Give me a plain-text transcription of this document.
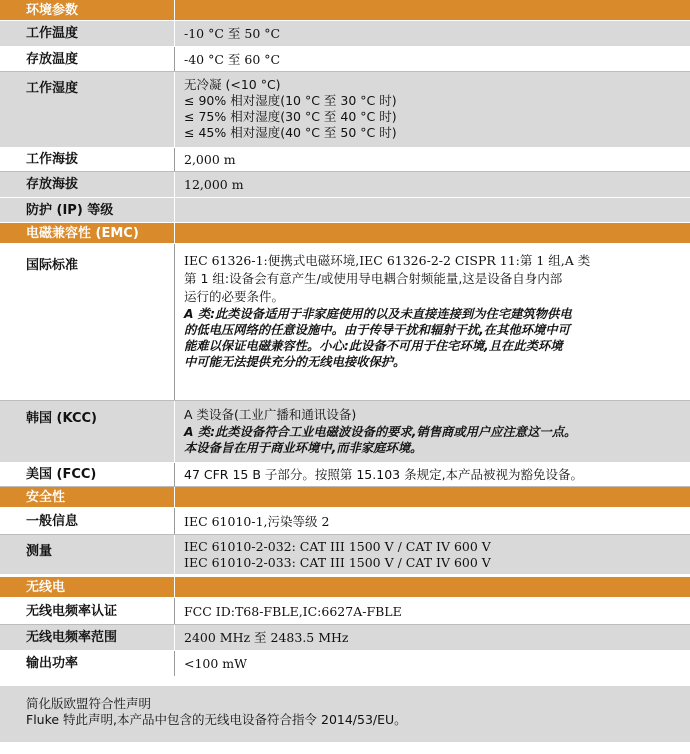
环境参数
工作温度	-10 °C 至 50 °C
存放温度	-40 °C 至 60 °C
工作湿度	无冷凝 (<10 °C)
≤ 90% 相对湿度(10 °C 至 30 °C 时)
≤ 75% 相对湿度(30 °C 至 40 °C 时)
≤ 45% 相对湿度(40 °C 至 50 °C 时)
工作海拔	2,000 m
存放海拔	12,000 m
防护 (IP) 等级
电磁兼容性 (EMC)
国际标准	IEC 61326-1:便携式电磁环境,IEC 61326-2-2 CISPR 11:第 1 组,A 类
第 1 组:设备会有意产生/或使用导电耦合射频能量,这是设备自身内部
运行的必要条件。
A 类:此类设备适用于非家庭使用的以及未直接连接到为住宅建筑物供电
的低电压网络的任意设施中。由于传导干扰和辐射干扰,在其他环境中可
能难以保证电磁兼容性。小心:此设备不可用于住宅环境,且在此类环境
中可能无法提供充分的无线电接收保护。
韩国 (KCC)	A 类设备(工业广播和通讯设备)
A 类:此类设备符合工业电磁波设备的要求,销售商或用户应注意这一点。
本设备旨在用于商业环境中,而非家庭环境。
美国 (FCC)	47 CFR 15 B 子部分。按照第 15.103 条规定,本产品被视为豁免设备。
安全性
一般信息	IEC 61010-1,污染等级 2
测量	IEC 61010-2-032: CAT III 1500 V / CAT IV 600 V
IEC 61010-2-033: CAT III 1500 V / CAT IV 600 V
无线电
无线电频率认证	FCC ID:T68-FBLE,IC:6627A-FBLE
无线电频率范围	2400 MHz 至 2483.5 MHz
输出功率	<100 mW
简化版欧盟符合性声明
Fluke 特此声明,本产品中包含的无线电设备符合指令 2014/53/EU。
